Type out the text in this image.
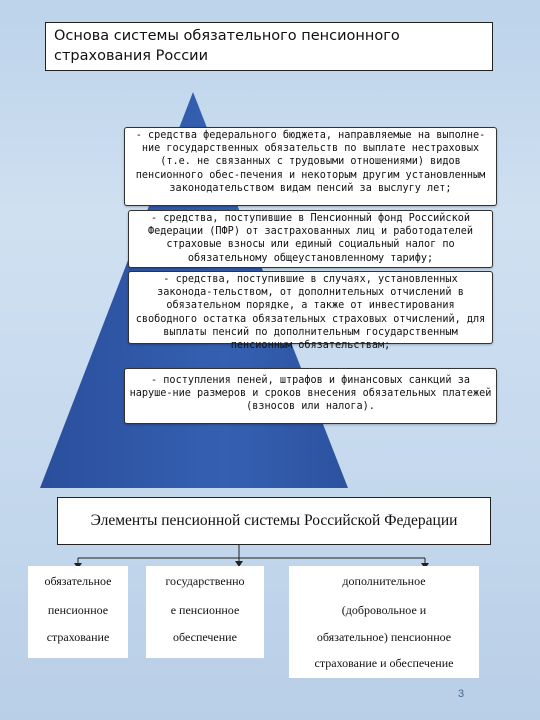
Основа системы обязательного пенсионного страхования России
- средства федерального бюджета, направляемые на выполне-ние государственных обязательств по выплате нестраховых (т.е. не связанных с трудовыми отношениями) видов пенсионного обес-печения и некоторым другим установленным законодательством видам пенсий за выслугу лет;
- средства, поступившие в Пенсионный фонд Российской Федерации (ПФР) от застрахованных лиц и работодателей страховые взносы или единый социальный налог по обязательному общеустановленному тарифу;
- средства, поступившие в случаях, установленных законода-тельством, от дополнительных отчислений в обязательном порядке, а также от инвестирования свободного остатка обязательных страховых отчислений, для выплаты пенсий по дополнительным государственным пенсионным обязательствам;
- поступления пеней, штрафов и финансовых санкций за наруше-ние размеров и сроков внесения обязательных платежей (взносов или налога).
Элементы пенсионной системы Российской Федерации
обязательное
пенсионное
страхование
государственно
е пенсионное
обеспечение
дополнительное
(добровольное и
обязательное) пенсионное
страхование и обеспечение
3
